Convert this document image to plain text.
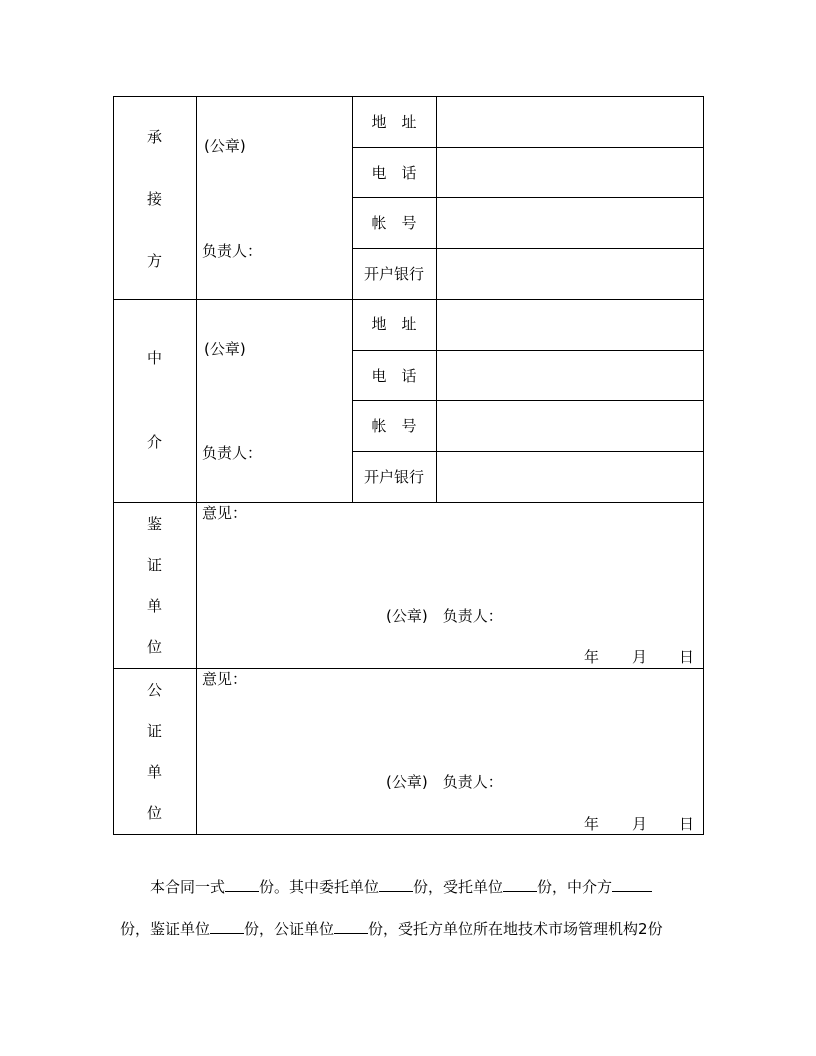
承
接
方
(公章)
负责人：
地　址
电　话
帐　号
开户银行
中
介
(公章)
负责人：
地　址
电　话
帐　号
开户银行
鉴
证
单
位
意见：
(公章)　负责人：
年 月 日
公
证
单
位
意见：
(公章)　负责人：
年 月 日
本合同一式 份。其中委托单位 份，受托单位 份，中介方
份，鉴证单位 份，公证单位 份，受托方单位所在地技术市场管理机构2份
